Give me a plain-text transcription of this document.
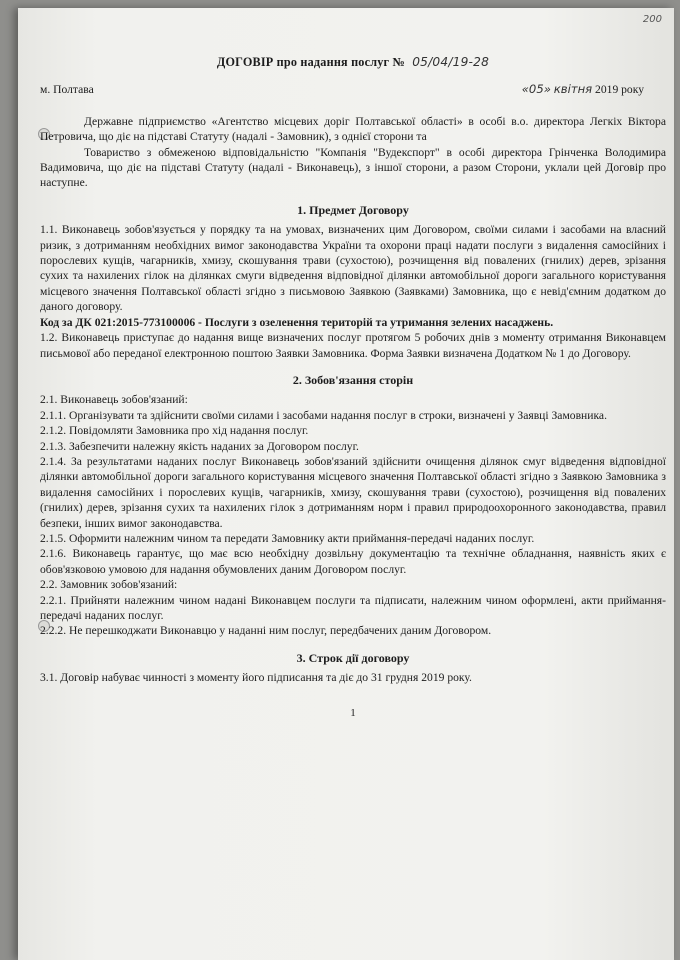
200
ДОГОВІР про надання послуг № 05/04/19-28
м. Полтава	«05» квітня 2019 року

Державне підприємство «Агентство місцевих доріг Полтавської області» в особі в.о. директора Легкіх Віктора Петровича, що діє на підставі Статуту (надалі - Замовник), з однієї сторони та

Товариство з обмеженою відповідальністю "Компанія "Вудекспорт" в особі директора Грінченка Володимира Вадимовича, що діє на підставі Статуту (надалі - Виконавець), з іншої сторони, а разом Сторони, уклали цей Договір про наступне.

1. Предмет Договору

1.1. Виконавець зобов'язується у порядку та на умовах, визначених цим Договором, своїми силами і засобами на власний ризик, з дотриманням необхідних вимог законодавства України та охорони праці надати послуги з видалення самосійних і порослевих кущів, чагарників, хмизу, скошування трави (сухостою), розчищення від повалених (гнилих) дерев, зрізання сухих та нахилених гілок на ділянках смуги відведення відповідної ділянки автомобільної дороги загального користування місцевого значення Полтавської області згідно з письмовою Заявкою (Заявками) Замовника, що є невід'ємним додатком до даного договору.

Код за ДК 021:2015-773100006 - Послуги з озеленення територій та утримання зелених насаджень.

1.2. Виконавець приступає до надання вище визначених послуг протягом 5 робочих днів з моменту отримання Виконавцем письмової або переданої електронною поштою Заявки Замовника. Форма Заявки визначена Додатком № 1 до Договору.

2. Зобов'язання сторін

2.1. Виконавець зобов'язаний:

2.1.1. Організувати та здійснити своїми силами і засобами надання послуг в строки, визначені у Заявці Замовника.

2.1.2. Повідомляти Замовника про хід надання послуг.

2.1.3. Забезпечити належну якість наданих за Договором послуг.

2.1.4. За результатами наданих послуг Виконавець зобов'язаний здійснити очищення ділянок смуг відведення відповідної ділянки автомобільної дороги загального користування місцевого значення Полтавської області згідно з Заявкою Замовника з видалення самосійних і порослевих кущів, чагарників, хмизу, скошування трави (сухостою), розчищення від повалених (гнилих) дерев, зрізання сухих та нахилених гілок з дотриманням норм і правил природоохоронного законодавства, правил безпеки, інших вимог законодавства.

2.1.5. Оформити належним чином та передати Замовнику акти приймання-передачі наданих послуг.

2.1.6. Виконавець гарантує, що має всю необхідну дозвільну документацію та технічне обладнання, наявність яких є обов'язковою умовою для надання обумовлених даним Договором послуг.

2.2. Замовник зобов'язаний:

2.2.1. Прийняти належним чином надані Виконавцем послуги та підписати, належним чином оформлені, акти приймання-передачі наданих послуг.

2.2.2. Не перешкоджати Виконавцю у наданні ним послуг, передбачених даним Договором.

3. Строк дії договору

3.1. Договір набуває чинності з моменту його підписання та діє до 31 грудня 2019 року.

1
